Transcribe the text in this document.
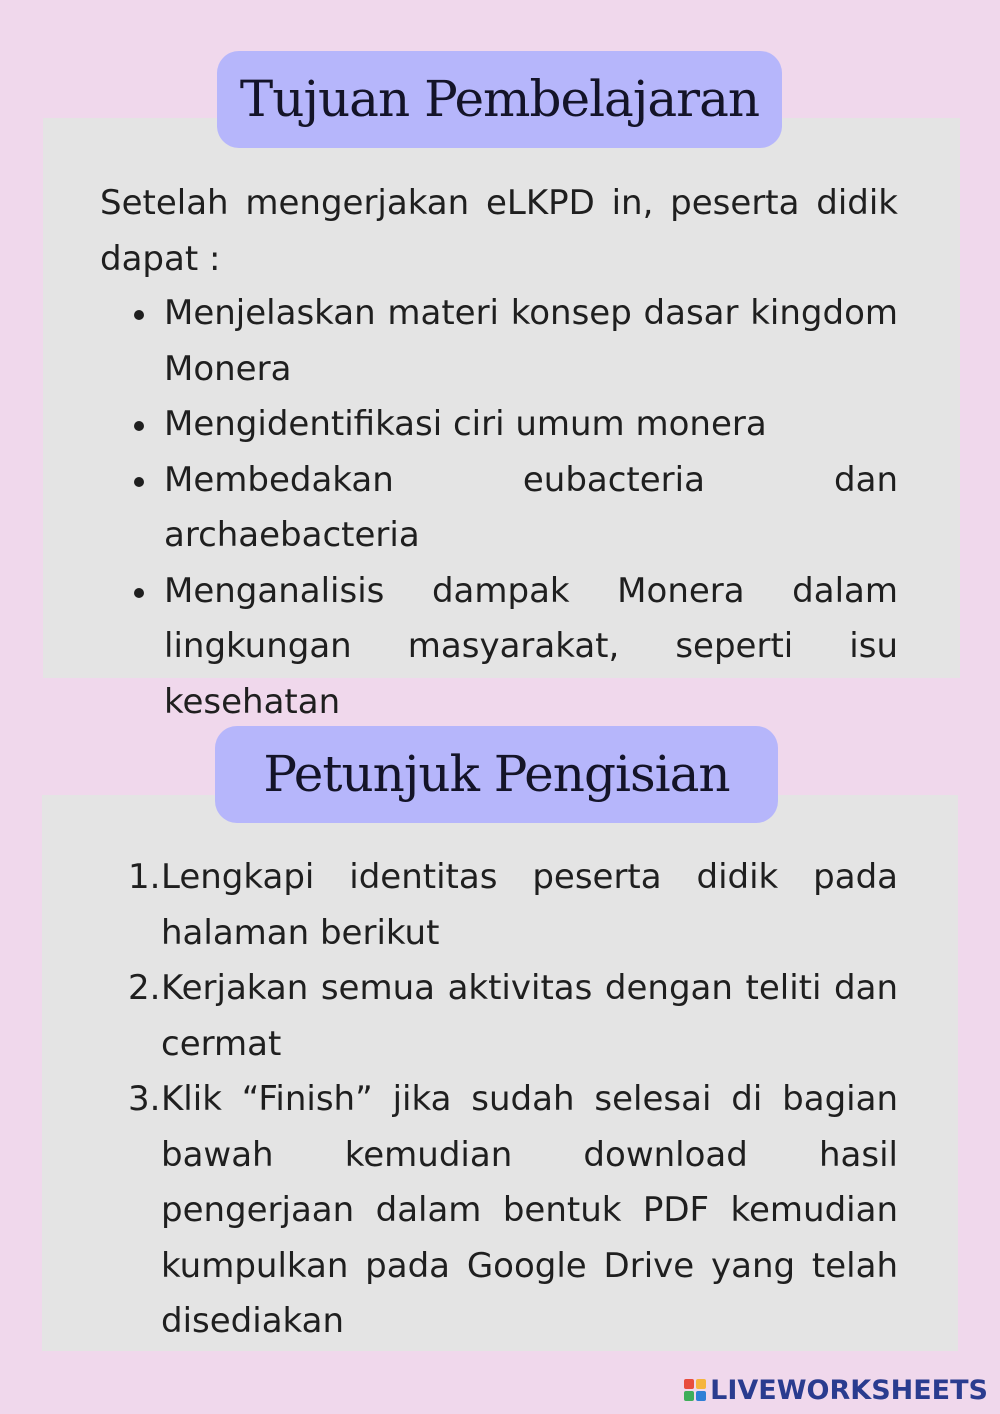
Tujuan Pembelajaran
Setelah mengerjakan eLKPD in, peserta didik dapat :
Menjelaskan materi konsep dasar kingdom Monera
Mengidentifikasi ciri umum monera
Membedakan eubacteria dan archaebacteria
Menganalisis dampak Monera dalam lingkungan masyarakat, seperti isu kesehatan
Petunjuk Pengisian
1. Lengkapi identitas peserta didik pada halaman berikut
2. Kerjakan semua aktivitas dengan teliti dan cermat
3. Klik “Finish” jika sudah selesai di bagian bawah kemudian download hasil pengerjaan dalam bentuk PDF kemudian kumpulkan pada Google Drive yang telah disediakan
LIVEWORKSHEETS
